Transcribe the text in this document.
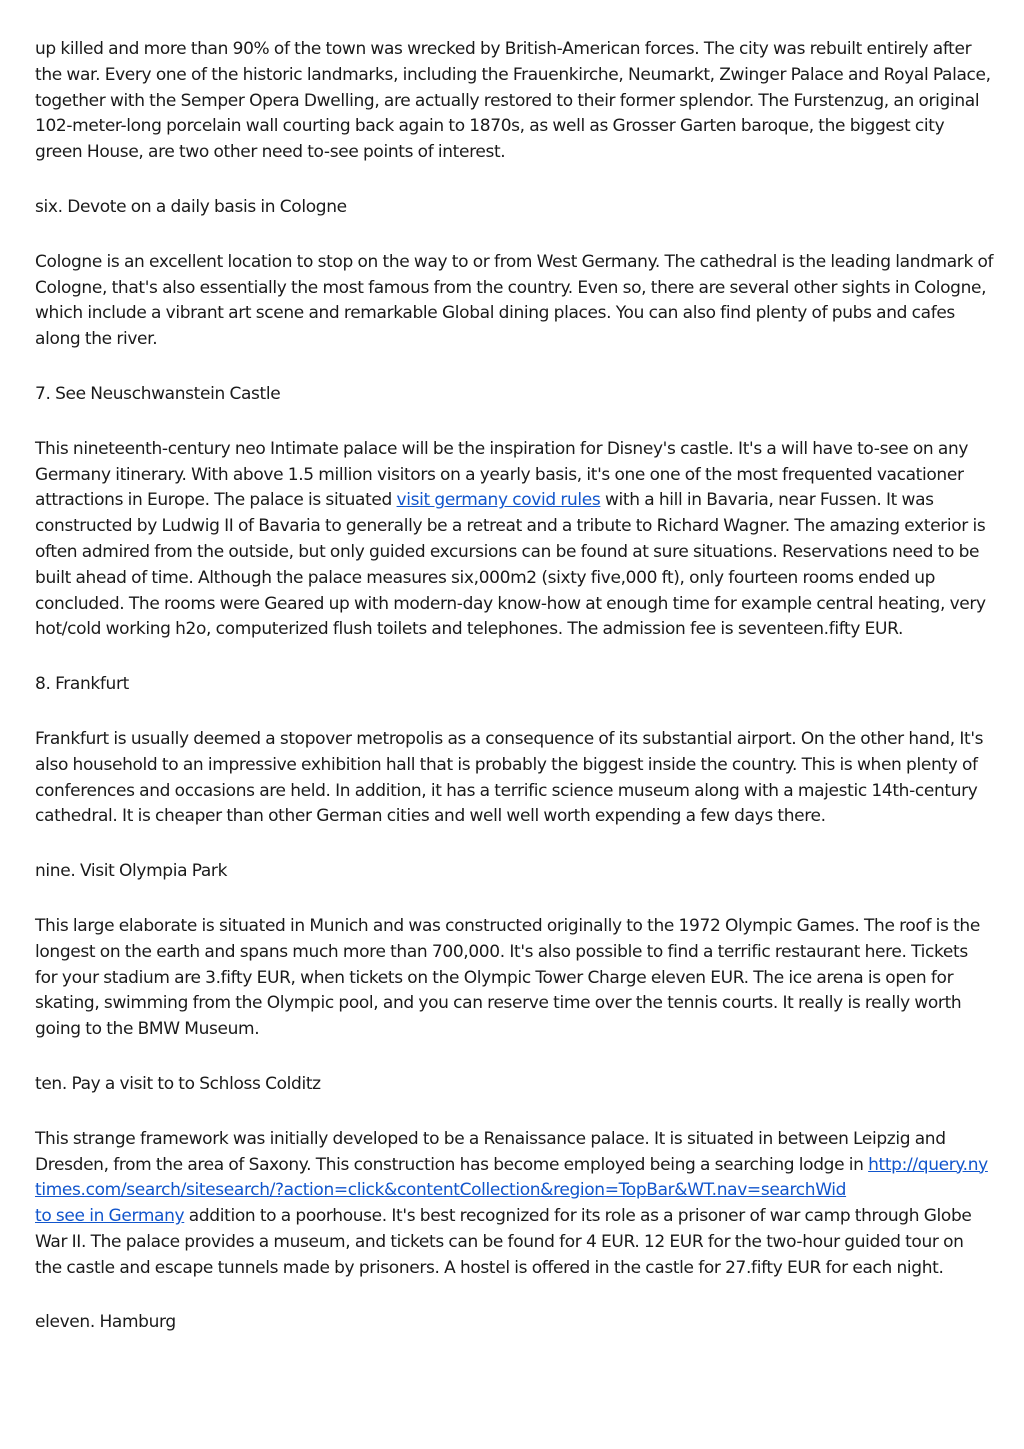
up killed and more than 90% of the town was wrecked by British-American forces. The city was rebuilt entirely after the war. Every one of the historic landmarks, including the Frauenkirche, Neumarkt, Zwinger Palace and Royal Palace, together with the Semper Opera Dwelling, are actually restored to their former splendor. The Furstenzug, an original 102-meter-long porcelain wall courting back again to 1870s, as well as Grosser Garten baroque, the biggest city green House, are two other need to-see points of interest.

six. Devote on a daily basis in Cologne

Cologne is an excellent location to stop on the way to or from West Germany. The cathedral is the leading landmark of Cologne, that's also essentially the most famous from the country. Even so, there are several other sights in Cologne, which include a vibrant art scene and remarkable Global dining places. You can also find plenty of pubs and cafes along the river.

7. See Neuschwanstein Castle

This nineteenth-century neo Intimate palace will be the inspiration for Disney's castle. It's a will have to-see on any Germany itinerary. With above 1.5 million visitors on a yearly basis, it's one one of the most frequented vacationer attractions in Europe. The palace is situated visit germany covid rules with a hill in Bavaria, near Fussen. It was constructed by Ludwig II of Bavaria to generally be a retreat and a tribute to Richard Wagner. The amazing exterior is often admired from the outside, but only guided excursions can be found at sure situations. Reservations need to be built ahead of time. Although the palace measures six,000m2 (sixty five,000 ft), only fourteen rooms ended up concluded. The rooms were Geared up with modern-day know-how at enough time for example central heating, very hot/cold working h2o, computerized flush toilets and telephones. The admission fee is seventeen.fifty EUR.

8. Frankfurt

Frankfurt is usually deemed a stopover metropolis as a consequence of its substantial airport. On the other hand, It's also household to an impressive exhibition hall that is probably the biggest inside the country. This is when plenty of conferences and occasions are held. In addition, it has a terrific science museum along with a majestic 14th-century cathedral. It is cheaper than other German cities and well well worth expending a few days there.

nine. Visit Olympia Park

This large elaborate is situated in Munich and was constructed originally to the 1972 Olympic Games. The roof is the longest on the earth and spans much more than 700,000. It's also possible to find a terrific restaurant here. Tickets for your stadium are 3.fifty EUR, when tickets on the Olympic Tower Charge eleven EUR. The ice arena is open for skating, swimming from the Olympic pool, and you can reserve time over the tennis courts. It really is really worth going to the BMW Museum.

ten. Pay a visit to to Schloss Colditz

This strange framework was initially developed to be a Renaissance palace. It is situated in between Leipzig and Dresden, from the area of Saxony. This construction has become employed being a searching lodge in http://query.nytimes.com/search/sitesearch/?action=click&contentCollection&region=TopBar&WT.nav=searchWid
to see in Germany addition to a poorhouse. It's best recognized for its role as a prisoner of war camp through Globe War II. The palace provides a museum, and tickets can be found for 4 EUR. 12 EUR for the two-hour guided tour on the castle and escape tunnels made by prisoners. A hostel is offered in the castle for 27.fifty EUR for each night.

eleven. Hamburg
